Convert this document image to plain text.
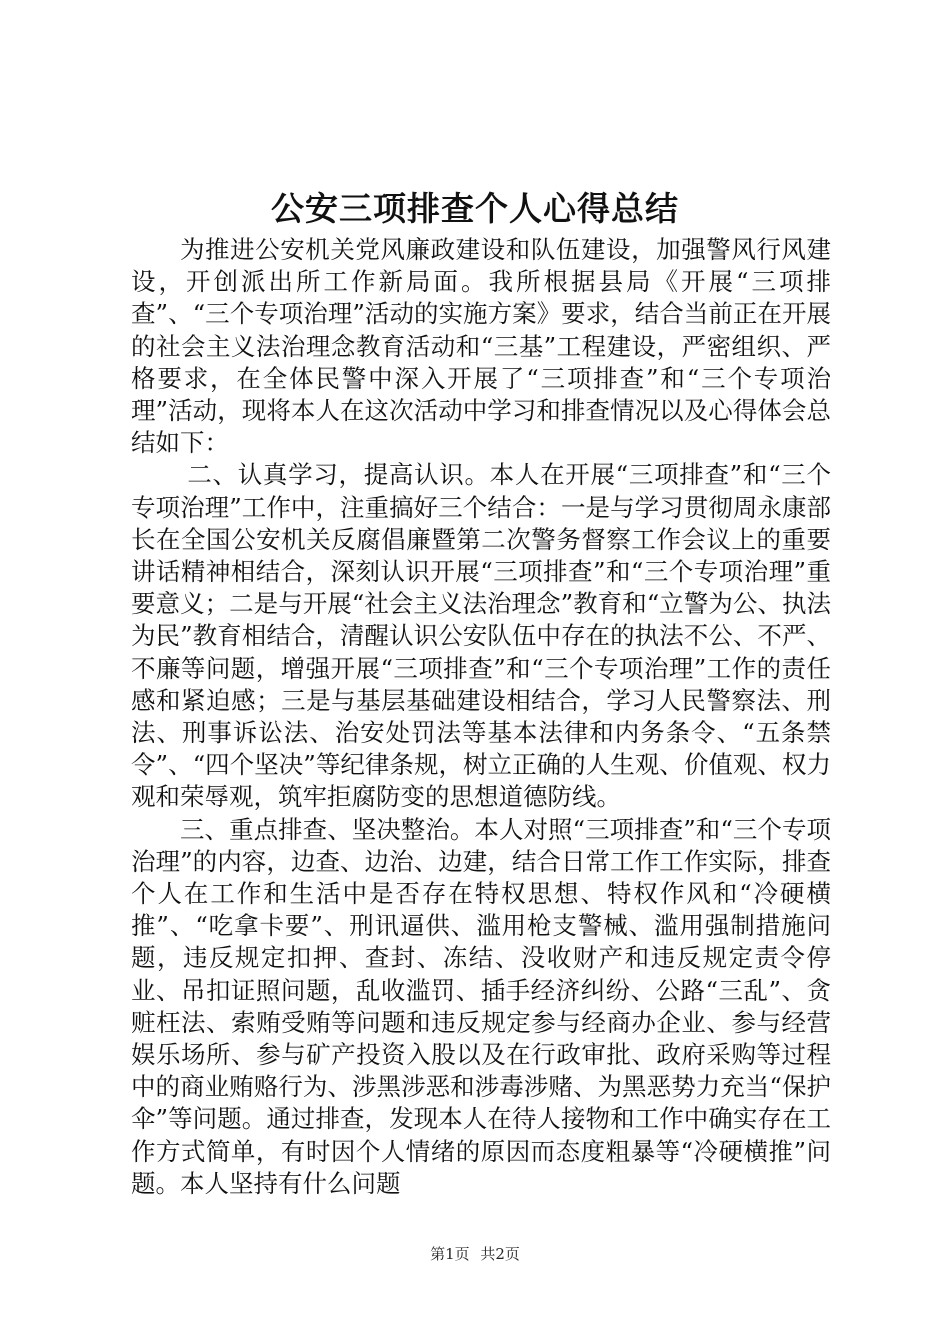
公安三项排查个人心得总结

为推进公安机关党风廉政建设和队伍建设，加强警风行风建设，开创派出所工作新局面。我所根据县局《开展“三项排查”、“三个专项治理”活动的实施方案》要求，结合当前正在开展的社会主义法治理念教育活动和“三基”工程建设，严密组织、严格要求，在全体民警中深入开展了“三项排查”和“三个专项治理”活动，现将本人在这次活动中学习和排查情况以及心得体会总结如下：

二、认真学习，提高认识。本人在开展“三项排查”和“三个专项治理”工作中，注重搞好三个结合：一是与学习贯彻周永康部长在全国公安机关反腐倡廉暨第二次警务督察工作会议上的重要讲话精神相结合，深刻认识开展“三项排查”和“三个专项治理”重要意义；二是与开展“社会主义法治理念”教育和“立警为公、执法为民”教育相结合，清醒认识公安队伍中存在的执法不公、不严、不廉等问题，增强开展“三项排查”和“三个专项治理”工作的责任感和紧迫感；三是与基层基础建设相结合，学习人民警察法、刑法、刑事诉讼法、治安处罚法等基本法律和内务条令、“五条禁令”、“四个坚决”等纪律条规，树立正确的人生观、价值观、权力观和荣辱观，筑牢拒腐防变的思想道德防线。

三、重点排查、坚决整治。本人对照“三项排查”和“三个专项治理”的内容，边查、边治、边建，结合日常工作工作实际，排查个人在工作和生活中是否存在特权思想、特权作风和“冷硬横推”、“吃拿卡要”、刑讯逼供、滥用枪支警械、滥用强制措施问题，违反规定扣押、查封、冻结、没收财产和违反规定责令停业、吊扣证照问题，乱收滥罚、插手经济纠纷、公路“三乱”、贪赃枉法、索贿受贿等问题和违反规定参与经商办企业、参与经营娱乐场所、参与矿产投资入股以及在行政审批、政府采购等过程中的商业贿赂行为、涉黑涉恶和涉毒涉赌、为黑恶势力充当“保护伞”等问题。通过排查，发现本人在待人接物和工作中确实存在工作方式简单，有时因个人情绪的原因而态度粗暴等“冷硬横推”问题。本人坚持有什么问题

第1页 共2页
